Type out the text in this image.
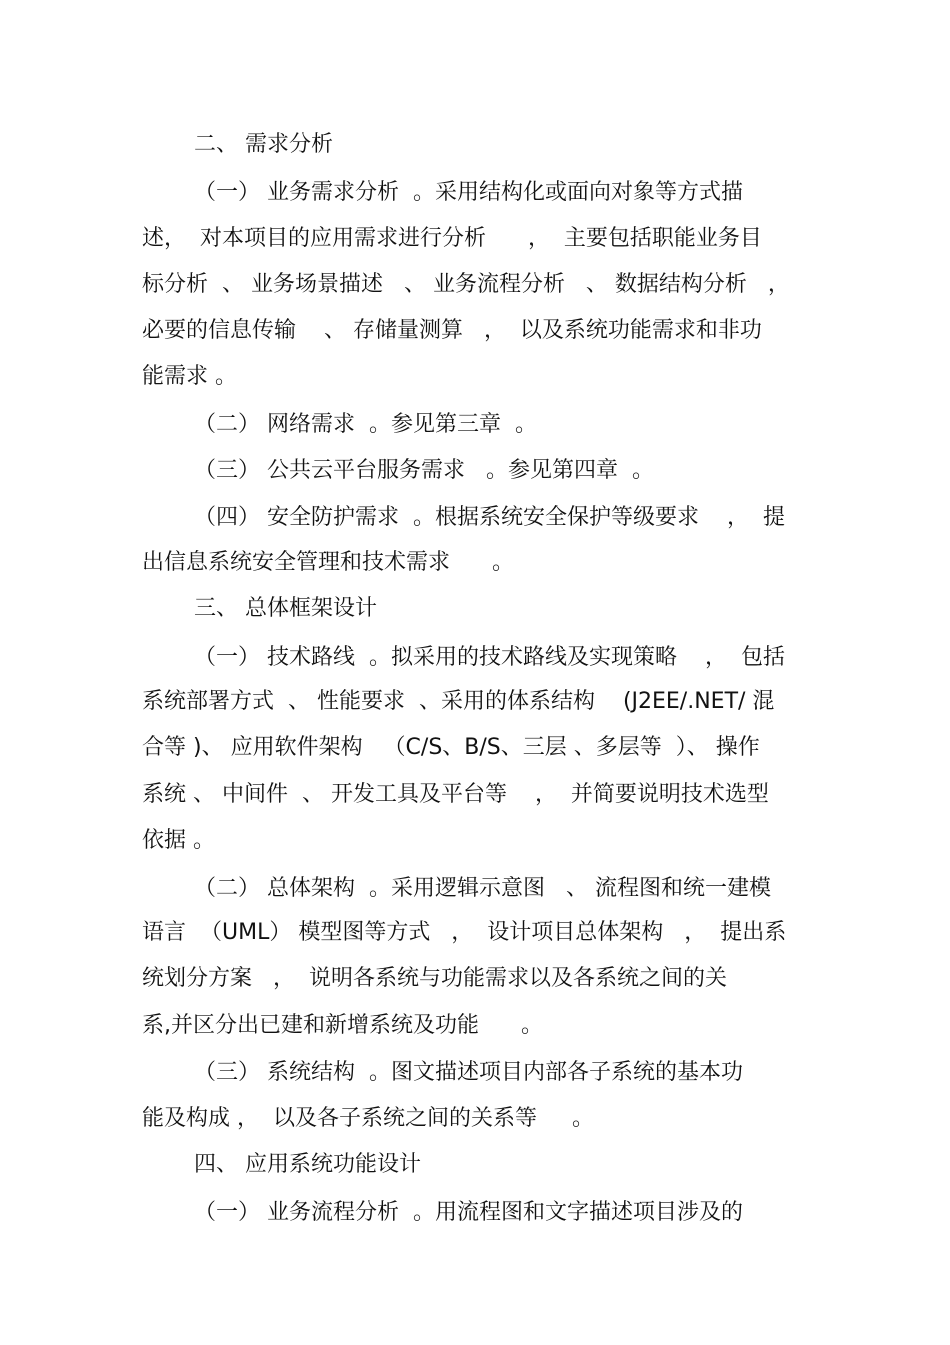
二、 需求分析
（一） 业务需求分析  。采用结构化或面向对象等方式描
述，  对本项目的应用需求进行分析      ，  主要包括职能业务目
标分析  、 业务场景描述   、 业务流程分析   、 数据结构分析   ，
必要的信息传输    、 存储量测算   ，  以及系统功能需求和非功
能需求 。
（二） 网络需求  。参见第三章  。
（三） 公共云平台服务需求   。参见第四章  。
（四） 安全防护需求  。根据系统安全保护等级要求    ，  提
出信息系统安全管理和技术需求      。
三、 总体框架设计
（一） 技术路线  。拟采用的技术路线及实现策略    ，  包括
系统部署方式  、 性能要求  、采用的体系结构    (J2EE/.NET/ 混
合等 )、 应用软件架构   （C/S、B/S、三层 、多层等  ）、 操作
系统 、 中间件  、 开发工具及平台等    ，  并简要说明技术选型
依据 。
（二） 总体架构  。采用逻辑示意图   、 流程图和统一建模
语言  （UML） 模型图等方式   ，  设计项目总体架构   ，  提出系
统划分方案   ，  说明各系统与功能需求以及各系统之间的关
系,并区分出已建和新增系统及功能      。
（三） 系统结构  。图文描述项目内部各子系统的基本功
能及构成 ，  以及各子系统之间的关系等     。
四、 应用系统功能设计
（一） 业务流程分析  。用流程图和文字描述项目涉及的
